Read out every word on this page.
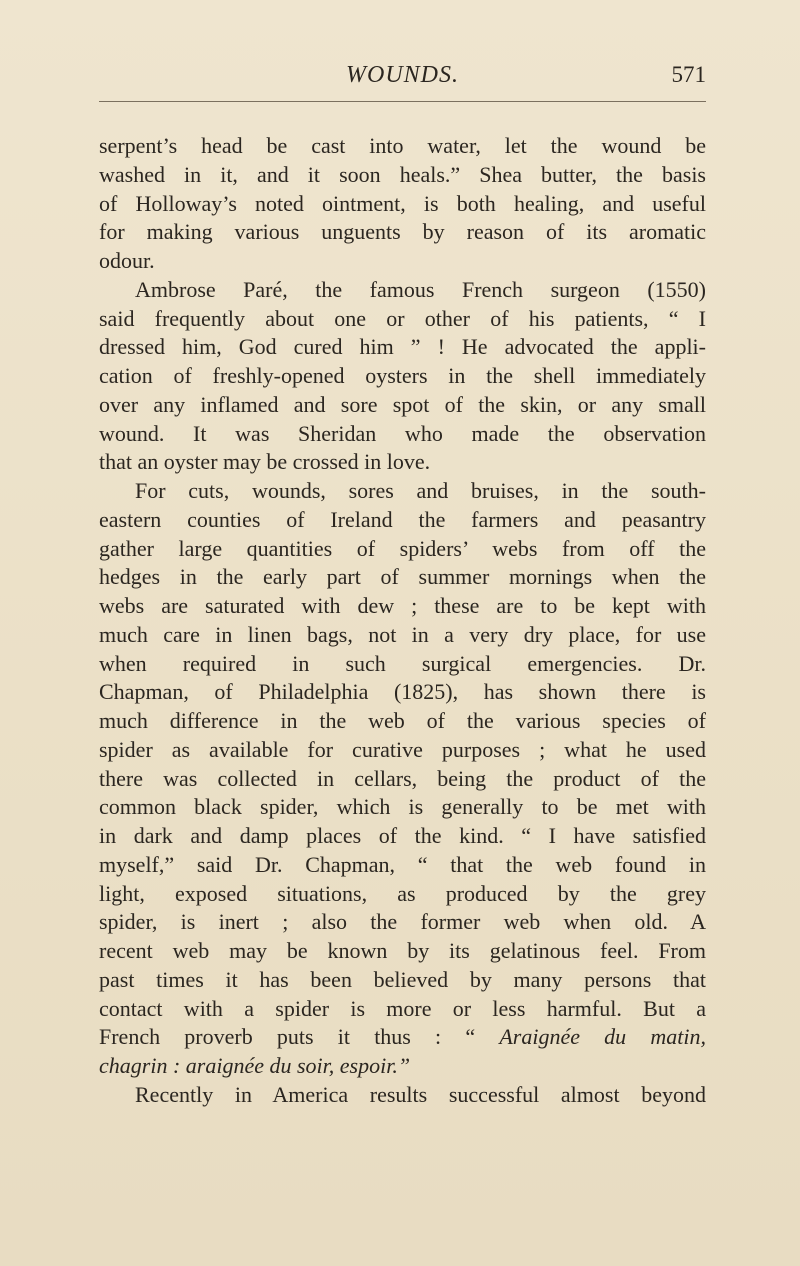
WOUNDS.	571
serpent’s head be cast into water, let the wound be
washed in it, and it soon heals.” Shea butter, the basis
of Holloway’s noted ointment, is both healing, and useful
for making various unguents by reason of its aromatic
odour.
Ambrose Paré, the famous French surgeon (1550)
said frequently about one or other of his patients, “ I
dressed him, God cured him ” ! He advocated the appli-
cation of freshly-opened oysters in the shell immediately
over any inflamed and sore spot of the skin, or any small
wound. It was Sheridan who made the observation
that an oyster may be crossed in love.
For cuts, wounds, sores and bruises, in the south-
eastern counties of Ireland the farmers and peasantry
gather large quantities of spiders’ webs from off the
hedges in the early part of summer mornings when the
webs are saturated with dew ; these are to be kept with
much care in linen bags, not in a very dry place, for use
when required in such surgical emergencies. Dr.
Chapman, of Philadelphia (1825), has shown there is
much difference in the web of the various species of
spider as available for curative purposes ; what he used
there was collected in cellars, being the product of the
common black spider, which is generally to be met with
in dark and damp places of the kind. “ I have satisfied
myself,” said Dr. Chapman, “ that the web found in
light, exposed situations, as produced by the grey
spider, is inert ; also the former web when old. A
recent web may be known by its gelatinous feel. From
past times it has been believed by many persons that
contact with a spider is more or less harmful. But a
French proverb puts it thus : “ Araignée du matin,
chagrin : araignée du soir, espoir.”
Recently in America results successful almost beyond
